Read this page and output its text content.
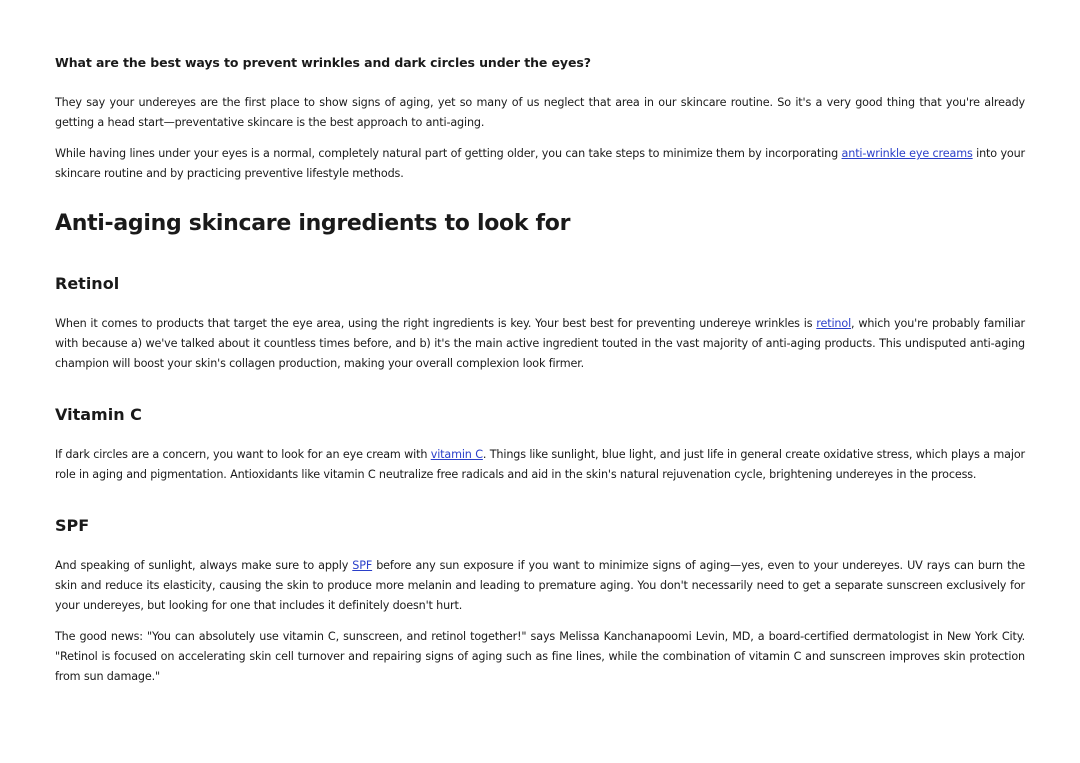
What are the best ways to prevent wrinkles and dark circles under the eyes?

They say your undereyes are the first place to show signs of aging, yet so many of us neglect that area in our skincare routine. So it's a very good thing that you're already getting a head start—preventative skincare is the best approach to anti-aging.

While having lines under your eyes is a normal, completely natural part of getting older, you can take steps to minimize them by incorporating anti-wrinkle eye creams into your skincare routine and by practicing preventive lifestyle methods.

Anti-aging skincare ingredients to look for
Retinol

When it comes to products that target the eye area, using the right ingredients is key. Your best best for preventing undereye wrinkles is retinol, which you're probably familiar with because a) we've talked about it countless times before, and b) it's the main active ingredient touted in the vast majority of anti-aging products. This undisputed anti-aging champion will boost your skin's collagen production, making your overall complexion look firmer.

Vitamin C

If dark circles are a concern, you want to look for an eye cream with vitamin C. Things like sunlight, blue light, and just life in general create oxidative stress, which plays a major role in aging and pigmentation. Antioxidants like vitamin C neutralize free radicals and aid in the skin's natural rejuvenation cycle, brightening undereyes in the process.

SPF

And speaking of sunlight, always make sure to apply SPF before any sun exposure if you want to minimize signs of aging—yes, even to your undereyes. UV rays can burn the skin and reduce its elasticity, causing the skin to produce more melanin and leading to premature aging. You don't necessarily need to get a separate sunscreen exclusively for your undereyes, but looking for one that includes it definitely doesn't hurt.

The good news: "You can absolutely use vitamin C, sunscreen, and retinol together!" says Melissa Kanchanapoomi Levin, MD, a board-certified dermatologist in New York City. "Retinol is focused on accelerating skin cell turnover and repairing signs of aging such as fine lines, while the combination of vitamin C and sunscreen improves skin protection from sun damage."
